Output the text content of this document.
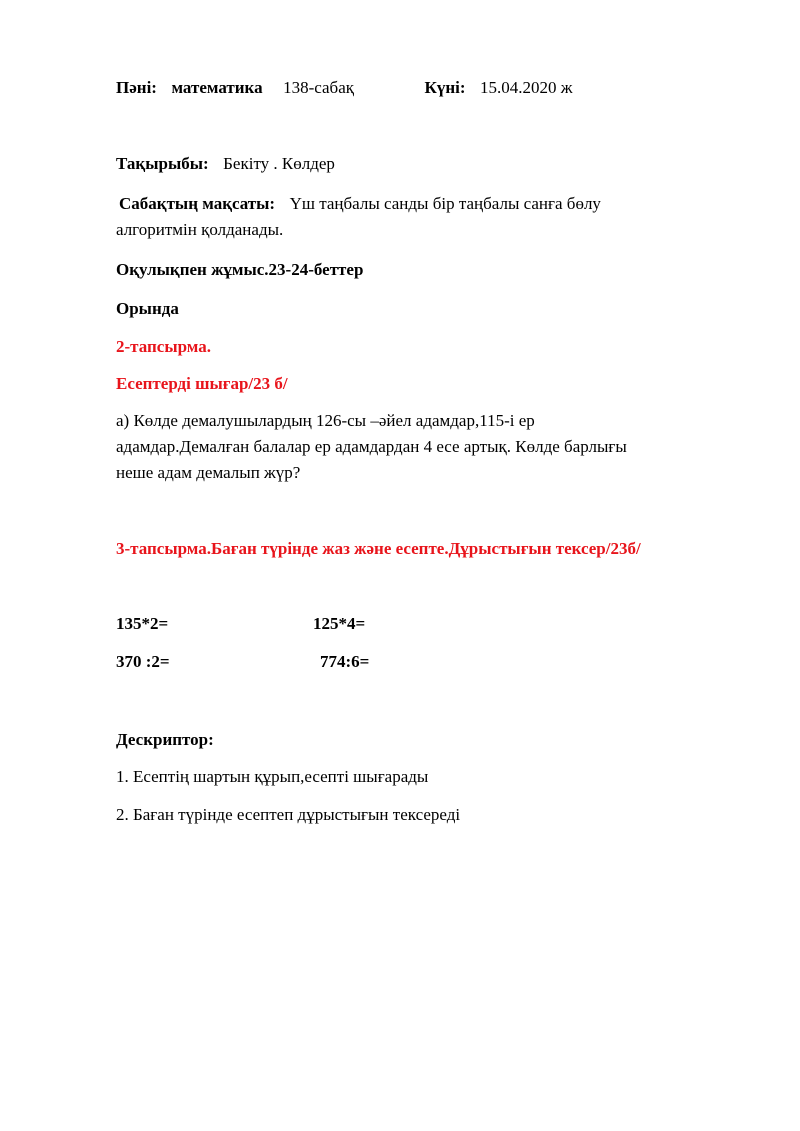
Пәні: математика 138-сабақ	Күні: 15.04.2020 ж
Тақырыбы: Бекіту . Көлдер
Сабақтың мақсаты: Үш таңбалы санды бір таңбалы санға бөлу
алгоритмін қолданады.
Оқулықпен жұмыс.23-24-беттер
Орында
2-тапсырма.
Есептерді шығар/23 б/
а) Көлде демалушылардың 126-сы –әйел адамдар,115-і ер
адамдар.Демалған балалар ер адамдардан 4 есе артық. Көлде барлығы
неше адам демалып жүр?
3-тапсырма.Баған түрінде жаз және есепте.Дұрыстығын тексер/23б/
135*2=	125*4=
370 :2=	774:6=
Дескриптор:
1. Есептің шартын құрып,есепті шығарады
2. Баған түрінде есептеп дұрыстығын тексереді
